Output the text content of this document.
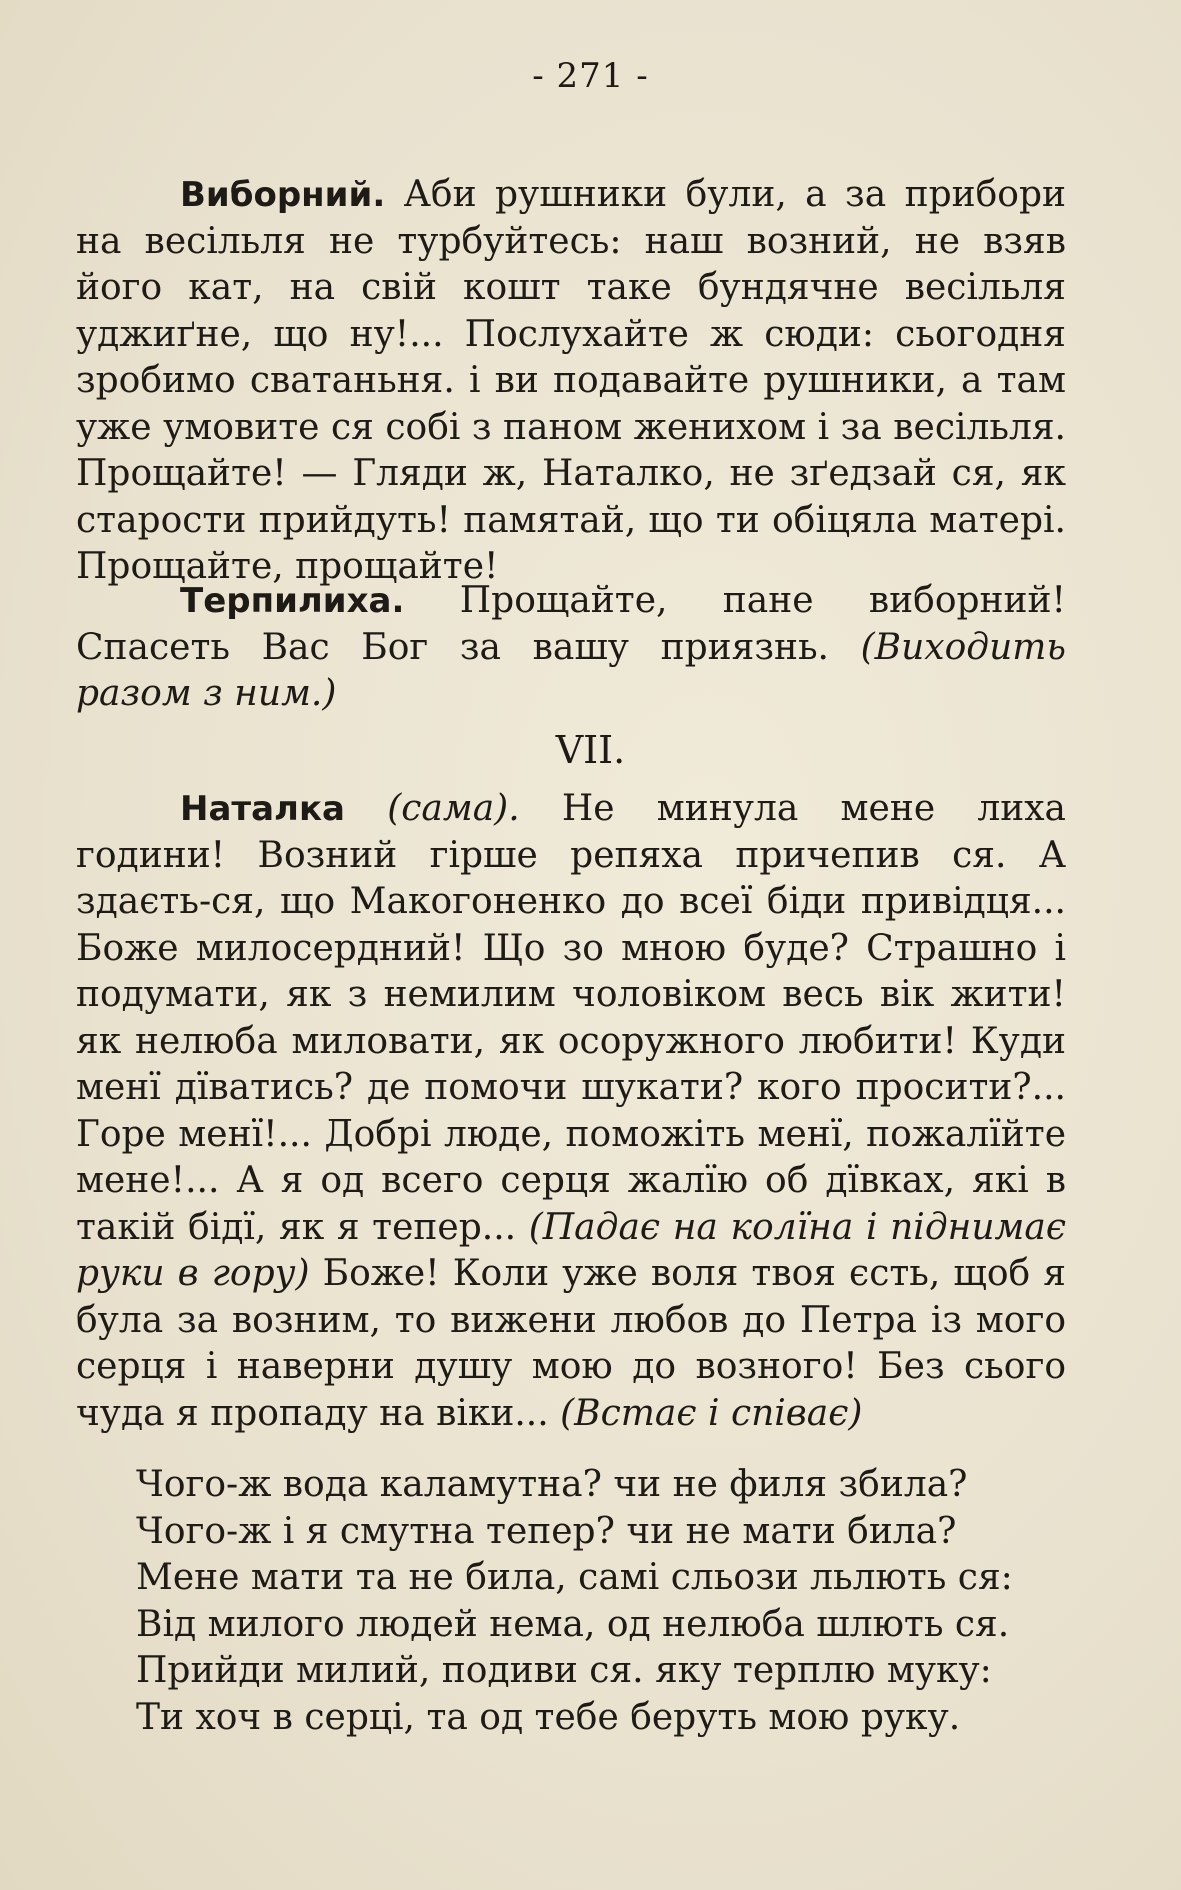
- 271 -
Виборний. Аби рушники були, а за прибори на весільля не турбуйтесь: наш возний, не взяв його кат, на свій кошт таке бундячне весільля уджиґне, що ну!... Послухайте ж сюди: сьогодня зробимо сватаньня. і ви подавайте рушники, а там уже умовите ся собі з паном женихом і за весільля. Прощайте! — Гляди ж, Наталко, не зґедзай ся, як старости прийдуть! памятай, що ти обіцяла матері. Прощайте, прощайте!
Терпилиха. Прощайте, пане виборний! Спасеть Вас Бог за вашу приязнь. (Виходить разом з ним.)
VII.
Наталка (сама). Не минула мене лиха години! Возний гірше репяха причепив ся. А здаєть-ся, що Макогоненко до всеї біди привідця... Боже милосердний! Що зо мною буде? Страшно і подумати, як з немилим чоловіком весь вік жити! як нелюба миловати, як осоружного любити! Куди менї дїватись? де помочи шукати? кого просити?... Горе менї!... Добрі люде, поможіть менї, пожалїйте мене!... А я од всего серця жалїю об дївках, які в такій бідї, як я тепер... (Падає на колїна і піднимає руки в гору) Боже! Коли уже воля твоя єсть, щоб я була за возним, то вижени любов до Петра із мого серця і наверни душу мою до возного! Без сього чуда я пропаду на віки... (Встає і співає)
Чого-ж вода каламутна? чи не филя збила?
Чого-ж і я смутна тепер? чи не мати била?
Мене мати та не била, самі сльози льлють ся:
Від милого людей нема, од нелюба шлють ся.
Прийди милий, подиви ся. яку терплю муку:
Ти хоч в серці, та од тебе беруть мою руку.
